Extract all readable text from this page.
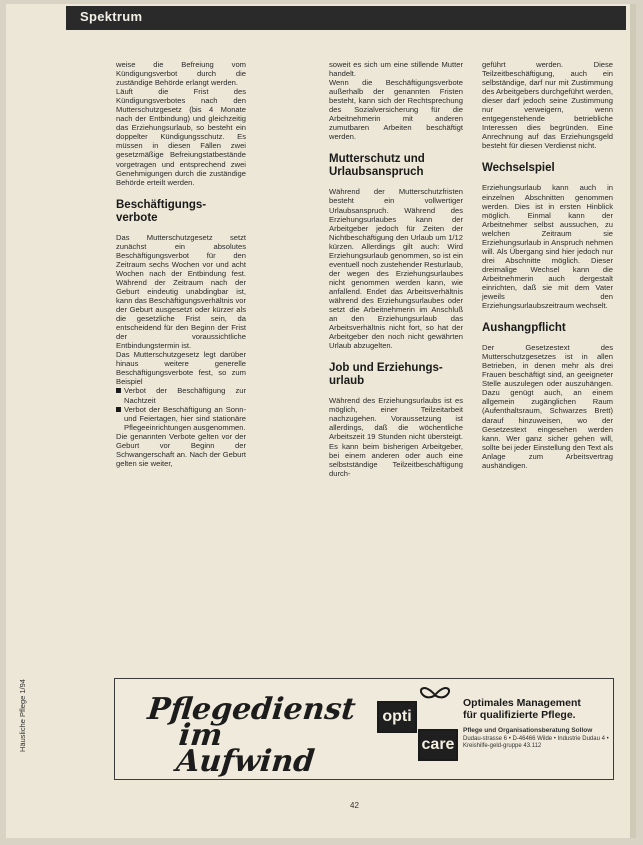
Spektrum
Häusliche Pflege 1/94

weise die Befreiung vom Kündigungsverbot durch die zuständige Behörde erlangt werden.

Läuft die Frist des Kündigungsverbotes nach den Mutterschutzgesetz (bis 4 Monate nach der Entbindung) und gleichzeitig das Erziehungsurlaub, so besteht ein doppelter Kündigungsschutz. Es müssen in diesen Fällen zwei gesetzmäßige Befreiungstatbestände vorgetragen und entsprechend zwei Genehmigungen durch die zuständige Behörde erteilt werden.

Beschäftigungs-verbote

Das Mutterschutzgesetz setzt zunächst ein absolutes Beschäftigungsverbot für den Zeitraum sechs Wochen vor und acht Wochen nach der Entbindung fest. Während der Zeitraum nach der Geburt eindeutig unabdingbar ist, kann das Beschäftigungsverhältnis vor der Geburt ausgesetzt oder kürzer als die gesetzliche Frist sein, da entscheidend für den Beginn der Frist der voraussichtliche Entbindungstermin ist.

Das Mutterschutzgesetz legt darüber hinaus weitere generelle Beschäftigungsverbote fest, so zum Beispiel

Verbot der Beschäftigung zur Nachtzeit

Verbot der Beschäftigung an Sonn- und Feiertagen, hier sind stationäre Pflegeeinrichtungen ausgenommen.

Die genannten Verbote gelten vor der Geburt vor Beginn der Schwangerschaft an. Nach der Geburt gelten sie weiter,

soweit es sich um eine stillende Mutter handelt.

Wenn die Beschäftigungsverbote außerhalb der genannten Fristen besteht, kann sich der Rechtsprechung des Sozialversicherung für die Arbeitnehmerin mit anderen zumutbaren Arbeiten beschäftigt werden.

Mutterschutz und Urlaubsanspruch

Während der Mutterschutzfristen besteht ein vollwertiger Urlaubsanspruch. Während des Erziehungsurlaubes kann der Arbeitgeber jedoch für Zeiten der Nichtbeschäftigung den Urlaub um 1/12 kürzen. Allerdings gilt auch: Wird Erziehungsurlaub genommen, so ist ein eventuell noch zustehender Resturlaub, der wegen des Erziehungsurlaubes nicht genommen werden kann, wie anfallend. Endet das Arbeitsverhältnis während des Erziehungsurlaubes oder setzt die Arbeitnehmerin im Anschluß an den Erziehungsurlaub das Arbeitsverhältnis nicht fort, so hat der Arbeitgeber den noch nicht gewährten Urlaub abzugelten.

Job und Erziehungs-urlaub

Während des Erziehungsurlaubs ist es möglich, einer Teilzeitarbeit nachzugehen. Voraussetzung ist allerdings, daß die wöchentliche Arbeitszeit 19 Stunden nicht übersteigt. Es kann beim bisherigen Arbeitgeber, bei einem anderen oder auch eine selbstständige Teilzeitbeschäftigung durch-

geführt werden. Diese Teilzeitbeschäftigung, auch ein selbständige, darf nur mit Zustimmung des Arbeitgebers durchgeführt werden, dieser darf jedoch seine Zustimmung nur verweigern, wenn entgegenstehende betriebliche Interessen dies begründen. Eine Anrechnung auf das Erziehungsgeld besteht für diesen Verdienst nicht.

Wechselspiel

Erziehungsurlaub kann auch in einzelnen Abschnitten genommen werden. Dies ist in ersten Hinblick möglich. Einmal kann der Arbeitnehmer selbst aussuchen, zu welchen Zeitraum sie Erziehungsurlaub in Anspruch nehmen will. Als Übergang sind hier jedoch nur drei Abschnitte möglich. Dieser dreimalige Wechsel kann die Arbeitnehmerin auch dergestalt einrichten, daß sie mit dem Vater jeweils den Erziehungsurlaubszeitraum wechselt.

Aushangpflicht

Der Gesetzestext des Mutterschutzgesetzes ist in allen Betrieben, in denen mehr als drei Frauen beschäftigt sind, an geeigneter Stelle auszulegen oder auszuhängen. Dazu genügt auch, an einem allgemein zugänglichen Raum (Aufenthaltsraum, Schwarzes Brett) darauf hinzuweisen, wo der Gesetzestext eingesehen werden kann. Wer ganz sicher gehen will, sollte bei jeder Einstellung den Text als Anlage zum Arbeitsvertrag aushändigen.

Pflegedienst
im Aufwind
opti
care
Optimales Management
für qualifizierte Pflege.
Pflege und Organisationsberatung Sollow
Dudau-strasse 6 • D-46466 Wilde • Industrie Dudau 4 • Kreishilfe-geld-gruppe 43.112
42
